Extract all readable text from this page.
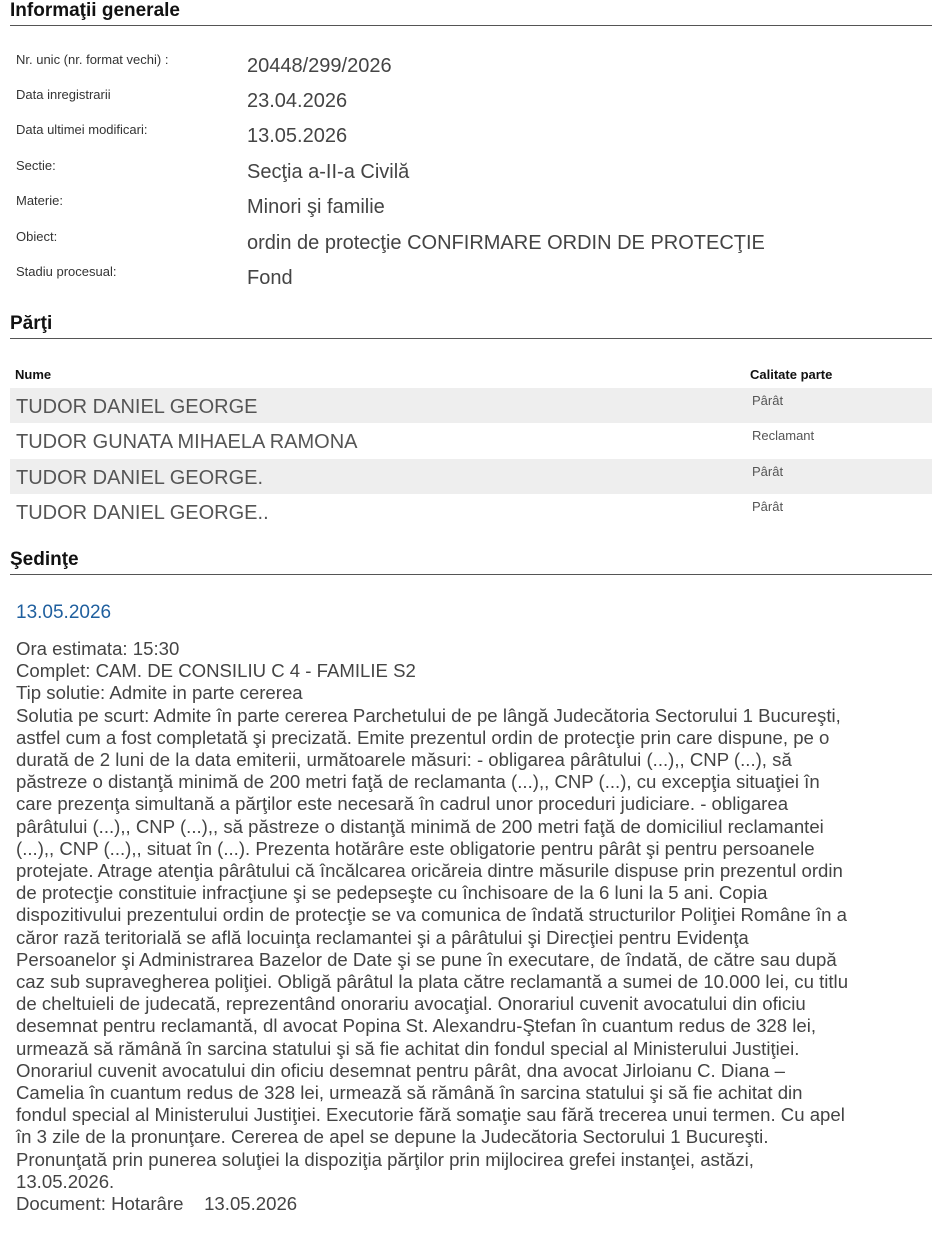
Informaţii generale
Nr. unic (nr. format vechi) :	20448/299/2026
Data inregistrarii	23.04.2026
Data ultimei modificari:	13.05.2026
Sectie:	Secţia a-II-a Civilă
Materie:	Minori şi familie
Obiect:	ordin de protecţie CONFIRMARE ORDIN DE PROTECŢIE
Stadiu procesual:	Fond
Părţi
Nume	Calitate parte
TUDOR DANIEL GEORGE	Pârât
TUDOR GUNATA MIHAELA RAMONA	Reclamant
TUDOR DANIEL GEORGE.	Pârât
TUDOR DANIEL GEORGE..	Pârât
Şedinţe
13.05.2026
Ora estimata: 15:30
Complet: CAM. DE CONSILIU C 4 - FAMILIE S2
Tip solutie: Admite in parte cererea
Solutia pe scurt: Admite în parte cererea Parchetului de pe lângă Judecătoria Sectorului 1 Bucureşti,
astfel cum a fost completată şi precizată. Emite prezentul ordin de protecţie prin care dispune, pe o
durată de 2 luni de la data emiterii, următoarele măsuri: - obligarea pârâtului (...),, CNP (...), să
păstreze o distanţă minimă de 200 metri faţă de reclamanta (...),, CNP (...), cu excepţia situaţiei în
care prezenţa simultană a părţilor este necesară în cadrul unor proceduri judiciare. - obligarea
pârâtului (...),, CNP (...),, să păstreze o distanţă minimă de 200 metri faţă de domiciliul reclamantei
(...),, CNP (...),, situat în (...). Prezenta hotărâre este obligatorie pentru pârât şi pentru persoanele
protejate. Atrage atenţia pârâtului că încălcarea oricăreia dintre măsurile dispuse prin prezentul ordin
de protecţie constituie infracţiune şi se pedepseşte cu închisoare de la 6 luni la 5 ani. Copia
dispozitivului prezentului ordin de protecţie se va comunica de îndată structurilor Poliţiei Române în a
căror rază teritorială se află locuinţa reclamantei şi a pârâtului şi Direcţiei pentru Evidenţa
Persoanelor şi Administrarea Bazelor de Date şi se pune în executare, de îndată, de către sau după
caz sub supravegherea poliţiei. Obligă pârâtul la plata către reclamantă a sumei de 10.000 lei, cu titlu
de cheltuieli de judecată, reprezentând onorariu avocaţial. Onorariul cuvenit avocatului din oficiu
desemnat pentru reclamantă, dl avocat Popina St. Alexandru-Ştefan în cuantum redus de 328 lei,
urmează să rămână în sarcina statului şi să fie achitat din fondul special al Ministerului Justiţiei.
Onorariul cuvenit avocatului din oficiu desemnat pentru pârât, dna avocat Jirloianu C. Diana –
Camelia în cuantum redus de 328 lei, urmează să rămână în sarcina statului şi să fie achitat din
fondul special al Ministerului Justiţiei. Executorie fără somaţie sau fără trecerea unui termen. Cu apel
în 3 zile de la pronunţare. Cererea de apel se depune la Judecătoria Sectorului 1 Bucureşti.
Pronunţată prin punerea soluţiei la dispoziţia părţilor prin mijlocirea grefei instanţei, astăzi,
13.05.2026.
Document: Hotarâre 13.05.2026
